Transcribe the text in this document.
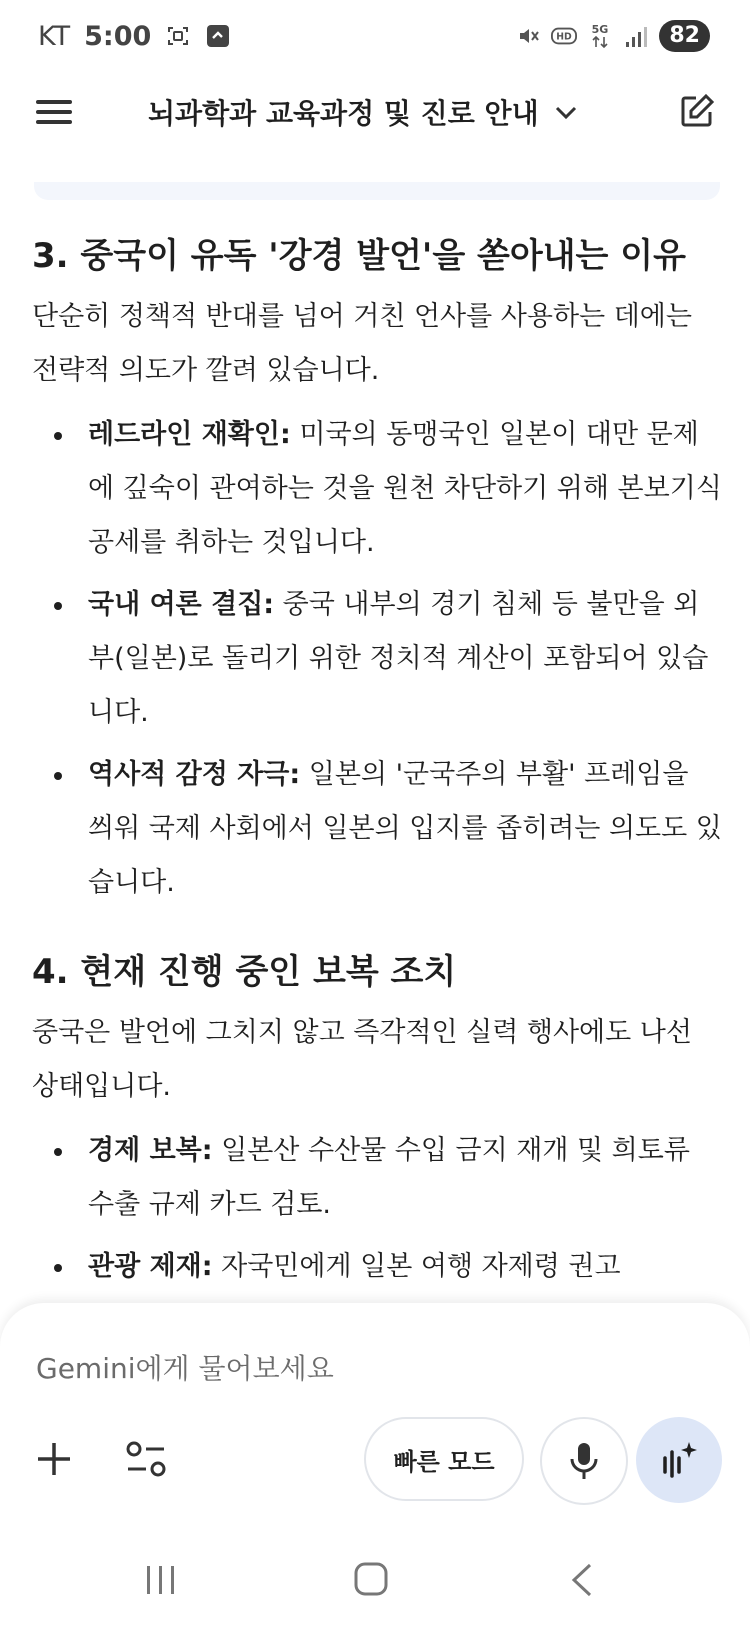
KT 5:00	HD
5G	82
뇌과학과 교육과정 및 진로 안내
3. 중국이 유독 '강경 발언'을 쏟아내는 이유

단순히 정책적 반대를 넘어 거친 언사를 사용하는 데에는 전략적 의도가 깔려 있습니다.

레드라인 재확인: 미국의 동맹국인 일본이 대만 문제에 깊숙이 관여하는 것을 원천 차단하기 위해 본보기식 공세를 취하는 것입니다.
국내 여론 결집: 중국 내부의 경기 침체 등 불만을 외부(일본)로 돌리기 위한 정치적 계산이 포함되어 있습니다.
역사적 감정 자극: 일본의 '군국주의 부활' 프레임을 씌워 국제 사회에서 일본의 입지를 좁히려는 의도도 있습니다.
4. 현재 진행 중인 보복 조치

중국은 발언에 그치지 않고 즉각적인 실력 행사에도 나선 상태입니다.

경제 보복: 일본산 수산물 수입 금지 재개 및 희토류 수출 규제 카드 검토.
관광 제재: 자국민에게 일본 여행 자제령 권고
Gemini에게 물어보세요
빠른 모드
